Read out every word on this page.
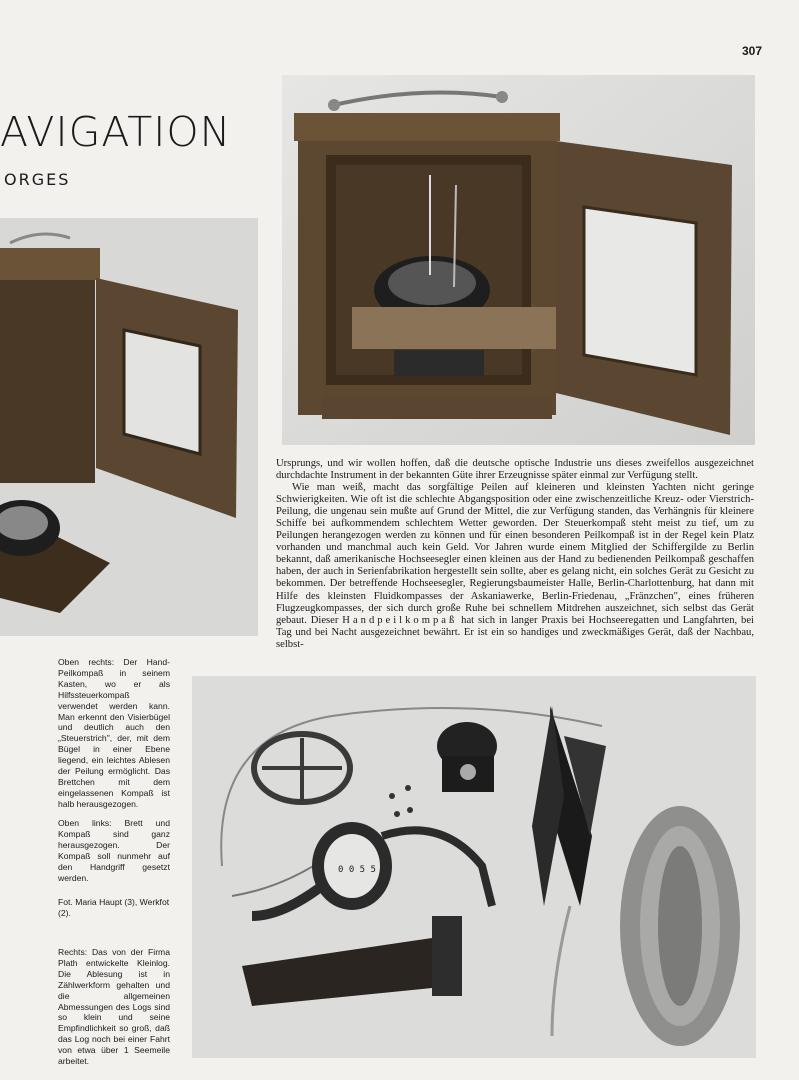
307
AVIGATION
ORGES
0 0 5 5

Ursprungs, und wir wollen hoffen, daß die deutsche optische Industrie uns dieses zweifellos ausgezeichnet durchdachte Instrument in der bekannten Güte ihrer Erzeugnisse später einmal zur Verfügung stellt.

Wie man weiß, macht das sorgfältige Peilen auf kleineren und kleinsten Yachten nicht geringe Schwierigkeiten. Wie oft ist die schlechte Abgangsposition oder eine zwischenzeitliche Kreuz- oder Vierstrich-Peilung, die ungenau sein mußte auf Grund der Mittel, die zur Verfügung standen, das Verhängnis für kleinere Schiffe bei aufkommendem schlechtem Wetter geworden. Der Steuerkompaß steht meist zu tief, um zu Peilungen herangezogen werden zu können und für einen besonderen Peilkompaß ist in der Regel kein Platz vorhanden und manchmal auch kein Geld. Vor Jahren wurde einem Mitglied der Schiffergilde zu Berlin bekannt, daß amerikanische Hochseesegler einen kleinen aus der Hand zu bedienenden Peilkompaß geschaffen haben, der auch in Serienfabrikation hergestellt sein sollte, aber es gelang nicht, ein solches Gerät zu Gesicht zu bekommen. Der betreffende Hochseesegler, Regierungsbaumeister Halle, Berlin-Charlottenburg, hat dann mit Hilfe des kleinsten Fluidkompasses der Askaniawerke, Berlin-Friedenau, „Fränzchen", eines früheren Flugzeugkompasses, der sich durch große Ruhe bei schnellem Mitdrehen auszeichnet, sich selbst das Gerät gebaut. Dieser Handpeilkompaß hat sich in langer Praxis bei Hochseeregatten und Langfahrten, bei Tag und bei Nacht ausgezeichnet bewährt. Er ist ein so handiges und zweckmäßiges Gerät, daß der Nachbau, selbst-

Oben rechts: Der Hand-Peilkompaß in seinem Kasten, wo er als Hilfssteuerkompaß verwendet werden kann. Man erkennt den Visierbügel und deutlich auch den „Steuerstrich", der, mit dem Bügel in einer Ebene liegend, ein leichtes Ablesen der Peilung ermöglicht. Das Brettchen mit dem eingelassenen Kompaß ist halb herausgezogen.
Oben links: Brett und Kompaß sind ganz herausgezogen. Der Kompaß soll nunmehr auf den Handgriff gesetzt werden.
Fot. Maria Haupt (3), Werkfot (2).
Rechts: Das von der Firma Plath entwickelte Kleinlog. Die Ablesung ist in Zählwerkform gehalten und die allgemeinen Abmessungen des Logs sind so klein und seine Empfindlichkeit so groß, daß das Log noch bei einer Fahrt von etwa über 1 Seemeile arbeitet.
